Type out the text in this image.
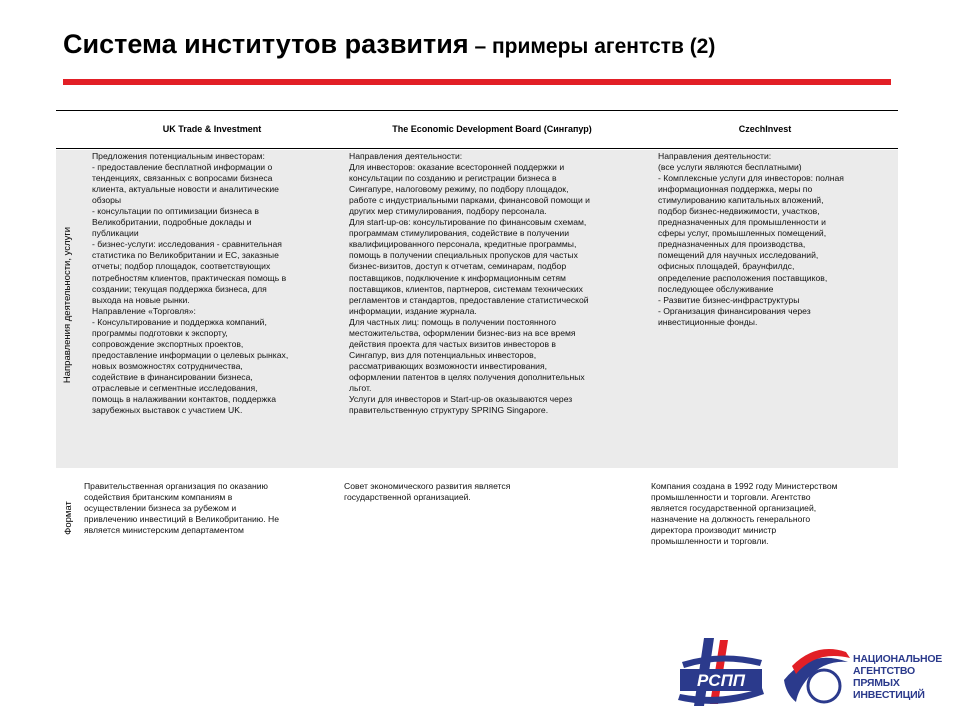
Система институтов развития – примеры агентств (2)
UK Trade & Investment	The Economic Development Board (Сингапур)	CzechInvest
Направления деятельности, услуги
Формат
Предложения потенциальным инвесторам:
- предоставление бесплатной информации о
тенденциях, связанных с вопросами бизнеса
клиента, актуальные новости и аналитические
обзоры
- консультации по оптимизации бизнеса в
Великобритании, подробные доклады и
публикации
- бизнес-услуги: исследования - сравнительная
статистика по Великобритании и ЕС, заказные
отчеты; подбор площадок, соответствующих
потребностям клиентов, практическая помощь в
создании; текущая поддержка бизнеса, для
выхода на новые рынки.
Направление «Торговля»:
- Консультирование и поддержка компаний,
программы подготовки к экспорту,
сопровождение экспортных проектов,
предоставление информации о целевых рынках,
новых возможностях сотрудничества,
содействие в финансировании бизнеса,
отраслевые и сегментные исследования,
помощь в налаживании контактов, поддержка
зарубежных выставок с участием UK.
Направления деятельности:
Для инвесторов: оказание всесторонней поддержки и
консультации по созданию и регистрации бизнеса в
Сингапуре, налоговому режиму, по подбору площадок,
работе с индустриальными парками, финансовой помощи и
других мер стимулирования, подбору персонала.
Для start-up-ов: консультирование по финансовым схемам,
программам стимулирования, содействие в получении
квалифицированного персонала, кредитные программы,
помощь в получении специальных пропусков для частых
бизнес-визитов, доступ к отчетам, семинарам, подбор
поставщиков, подключение к информационным сетям
поставщиков, клиентов, партнеров, системам технических
регламентов и стандартов, предоставление статистической
информации, издание журнала.
Для частных лиц: помощь в получении постоянного
местожительства, оформлении бизнес-виз на все время
действия проекта для частых визитов инвесторов в
Сингапур, виз для потенциальных инвесторов,
рассматривающих возможности инвестирования,
оформлении патентов в целях получения дополнительных
льгот.
Услуги для инвесторов и Start-up-ов оказываются через
правительственную структуру SPRING Singapore.
Направления деятельности:
(все услуги являются бесплатными)
- Комплексные услуги для инвесторов: полная
информационная поддержка, меры по
стимулированию капитальных вложений,
подбор бизнес-недвижимости, участков,
предназначенных для промышленности и
сферы услуг, промышленных помещений,
предназначенных для производства,
помещений для научных исследований,
офисных площадей, браунфилдс,
определение расположения поставщиков,
последующее обслуживание
- Развитие бизнес-инфраструктуры
- Организация финансирования через
инвестиционные фонды.
Правительственная организация по оказанию
содействия британским компаниям в
осуществлении бизнеса за рубежом и
привлечению инвестиций в Великобританию. Не
является министерским департаментом
Совет экономического развития является
государственной организацией.
Компания создана в 1992 году Министерством
промышленности и торговли. Агентство
является государственной организацией,
назначение на должность генерального
директора производит министр
промышленности и торговли.
РСПП
НАЦИОНАЛЬНОЕ
АГЕНТСТВО
ПРЯМЫХ
ИНВЕСТИЦИЙ
